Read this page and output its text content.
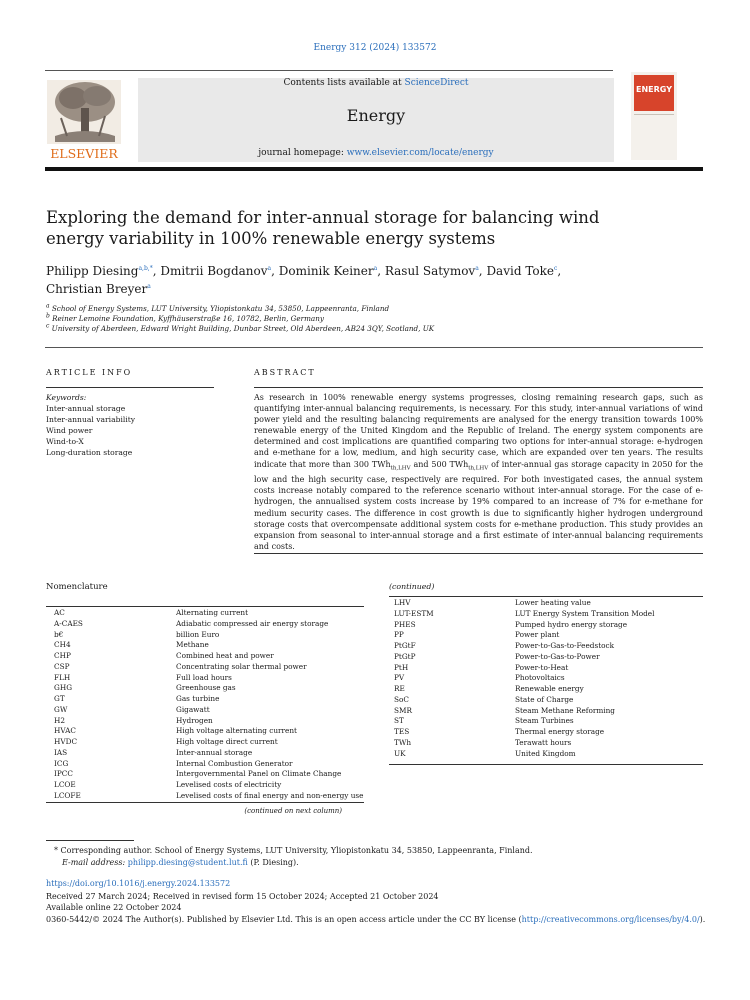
Energy 312 (2024) 133572
ELSEVIER
Contents lists available at ScienceDirect
Energy
journal homepage: www.elsevier.com/locate/energy
ENERGY
Exploring the demand for inter-annual storage for balancing wind energy variability in 100% renewable energy systems
Philipp Diesing$^{a,b,*}$, Dmitrii Bogdanov$^a$, Dominik Keiner$^a$, Rasul Satymov$^a$, David Toke$^c$,
Christian Breyer$^a$
$^a$ School of Energy Systems, LUT University, Yliopistonkatu 34, 53850, Lappeenranta, Finland
$^b$ Reiner Lemoine Foundation, Kyffhäuserstraße 16, 10782, Berlin, Germany
$^c$ University of Aberdeen, Edward Wright Building, Dunbar Street, Old Aberdeen, AB24 3QY, Scotland, UK
ARTICLE INFO
Keywords:
Inter-annual storage
Inter-annual variability
Wind power
Wind-to-X
Long-duration storage
ABSTRACT
As research in 100% renewable energy systems progresses, closing remaining research gaps, such as quantifying inter-annual balancing requirements, is necessary. For this study, inter-annual variations of wind power yield and the resulting balancing requirements are analysed for the energy transition towards 100% renewable energy of the United Kingdom and the Republic of Ireland. The energy system components are determined and cost implications are quantified comparing two options for inter-annual storage: e-hydrogen and e-methane for a low, medium, and high security case, which are expanded over ten years. The results indicate that more than 300 TWh$_{th,LHV}$ and 500 TWh$_{th,LHV}$ of inter-annual gas storage capacity in 2050 for the low and the high security case, respectively are required. For both investigated cases, the annual system costs increase notably compared to the reference scenario without inter-annual storage. For the case of e-hydrogen, the annualised system costs increase by 19% compared to an increase of 7% for e-methane for medium security cases. The difference in cost growth is due to significantly higher hydrogen underground storage costs that overcompensate additional system costs for e-methane production. This study provides an expansion from seasonal to inter-annual storage and a first estimate of inter-annual balancing requirements and costs.
Nomenclature
AC	Alternating current
A-CAES	Adiabatic compressed air energy storage
b€	billion Euro
CH4	Methane
CHP	Combined heat and power
CSP	Concentrating solar thermal power
FLH	Full load hours
GHG	Greenhouse gas
GT	Gas turbine
GW	Gigawatt
H2	Hydrogen
HVAC	High voltage alternating current
HVDC	High voltage direct current
IAS	Inter-annual storage
ICG	Internal Combustion Generator
IPCC	Intergovernmental Panel on Climate Change
LCOE	Levelised costs of electricity
LCOFE	Levelised costs of final energy and non-energy use
(continued on next column)
(continued)
LHV	Lower heating value
LUT-ESTM	LUT Energy System Transition Model
PHES	Pumped hydro energy storage
PP	Power plant
PtGtF	Power-to-Gas-to-Feedstock
PtGtP	Power-to-Gas-to-Power
PtH	Power-to-Heat
PV	Photovoltaics
RE	Renewable energy
SoC	State of Charge
SMR	Steam Methane Reforming
ST	Steam Turbines
TES	Thermal energy storage
TWh	Terawatt hours
UK	United Kingdom
* Corresponding author. School of Energy Systems, LUT University, Yliopistonkatu 34, 53850, Lappeenranta, Finland.
E-mail address: philipp.diesing@student.lut.fi (P. Diesing).
https://doi.org/10.1016/j.energy.2024.133572
Received 27 March 2024; Received in revised form 15 October 2024; Accepted 21 October 2024
Available online 22 October 2024
0360-5442/© 2024 The Author(s). Published by Elsevier Ltd. This is an open access article under the CC BY license (http://creativecommons.org/licenses/by/4.0/).
